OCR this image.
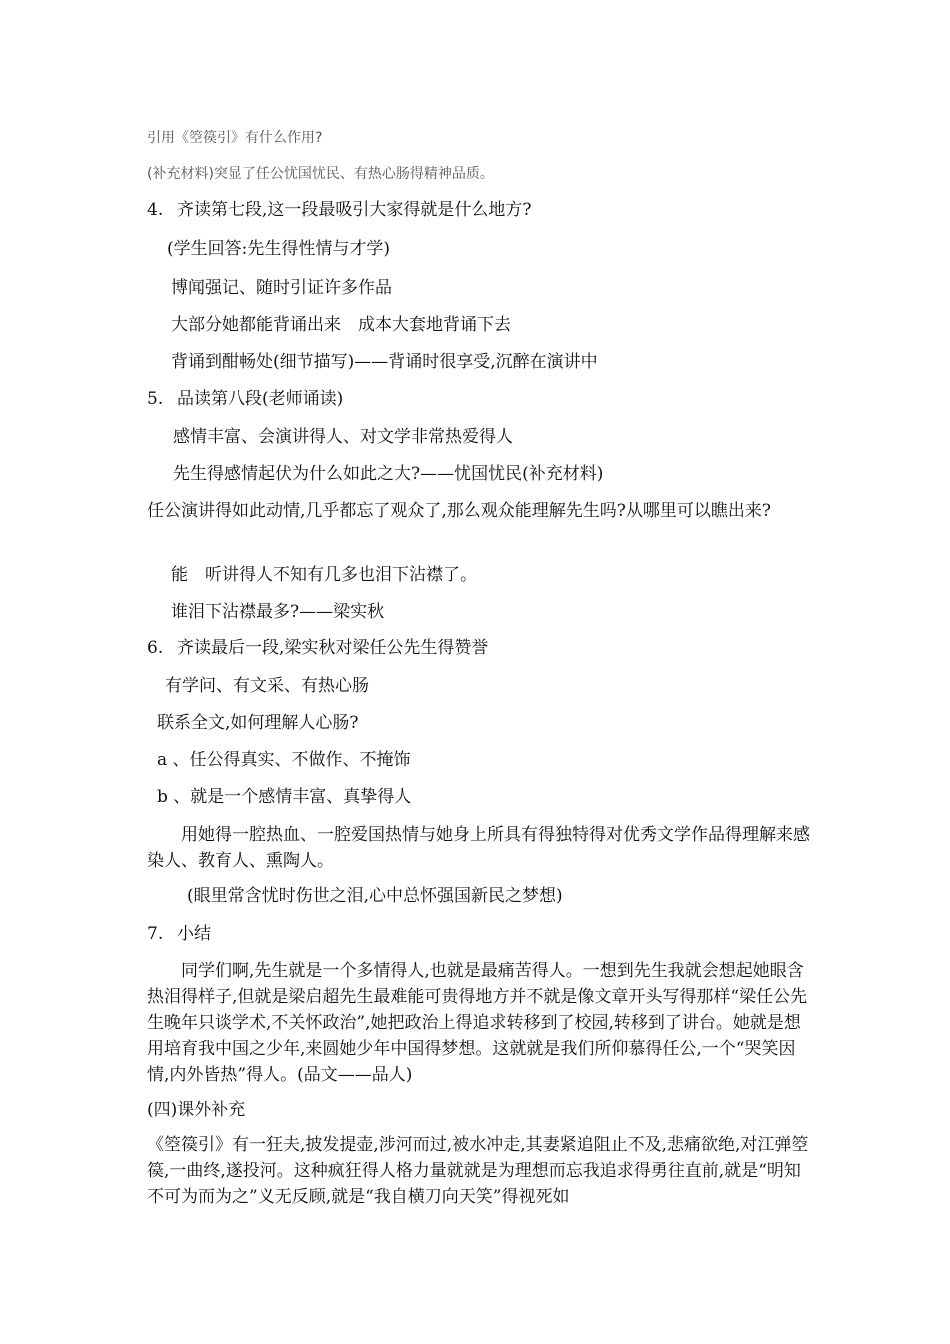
引用《箜篌引》有什么作用?
(补充材料)突显了任公忧国忧民、有热心肠得精神品质。
4. 齐读第七段,这一段最吸引大家得就是什么地方?
(学生回答:先生得性情与才学)
博闻强记、随时引证许多作品
大部分她都能背诵出来　成本大套地背诵下去
背诵到酣畅处(细节描写)——背诵时很享受,沉醉在演讲中
5. 品读第八段(老师诵读)
感情丰富、会演讲得人、对文学非常热爱得人
先生得感情起伏为什么如此之大?——忧国忧民(补充材料)
任公演讲得如此动情,几乎都忘了观众了,那么观众能理解先生吗?从哪里可以瞧出来?
能　听讲得人不知有几多也泪下沾襟了。
谁泪下沾襟最多?——梁实秋
6. 齐读最后一段,梁实秋对梁任公先生得赞誉
有学问、有文采、有热心肠
联系全文,如何理解人心肠?
a 、任公得真实、不做作、不掩饰
b 、就是一个感情丰富、真挚得人
用她得一腔热血、一腔爱国热情与她身上所具有得独特得对优秀文学作品得理解来感染人、教育人、熏陶人。
(眼里常含忧时伤世之泪,心中总怀强国新民之梦想)
7. 小结
同学们啊,先生就是一个多情得人,也就是最痛苦得人。一想到先生我就会想起她眼含热泪得样子,但就是梁启超先生最难能可贵得地方并不就是像文章开头写得那样“梁任公先生晚年只谈学术,不关怀政治”,她把政治上得追求转移到了校园,转移到了讲台。她就是想用培育我中国之少年,来圆她少年中国得梦想。这就就是我们所仰慕得任公,一个“哭笑因情,内外皆热”得人。(品文——品人)
(四)课外补充
《箜篌引》有一狂夫,披发提壶,涉河而过,被水冲走,其妻紧追阻止不及,悲痛欲绝,对江弹箜篌,一曲终,遂投河。这种疯狂得人格力量就就是为理想而忘我追求得勇往直前,就是“明知不可为而为之”义无反顾,就是“我自横刀向天笑”得视死如
